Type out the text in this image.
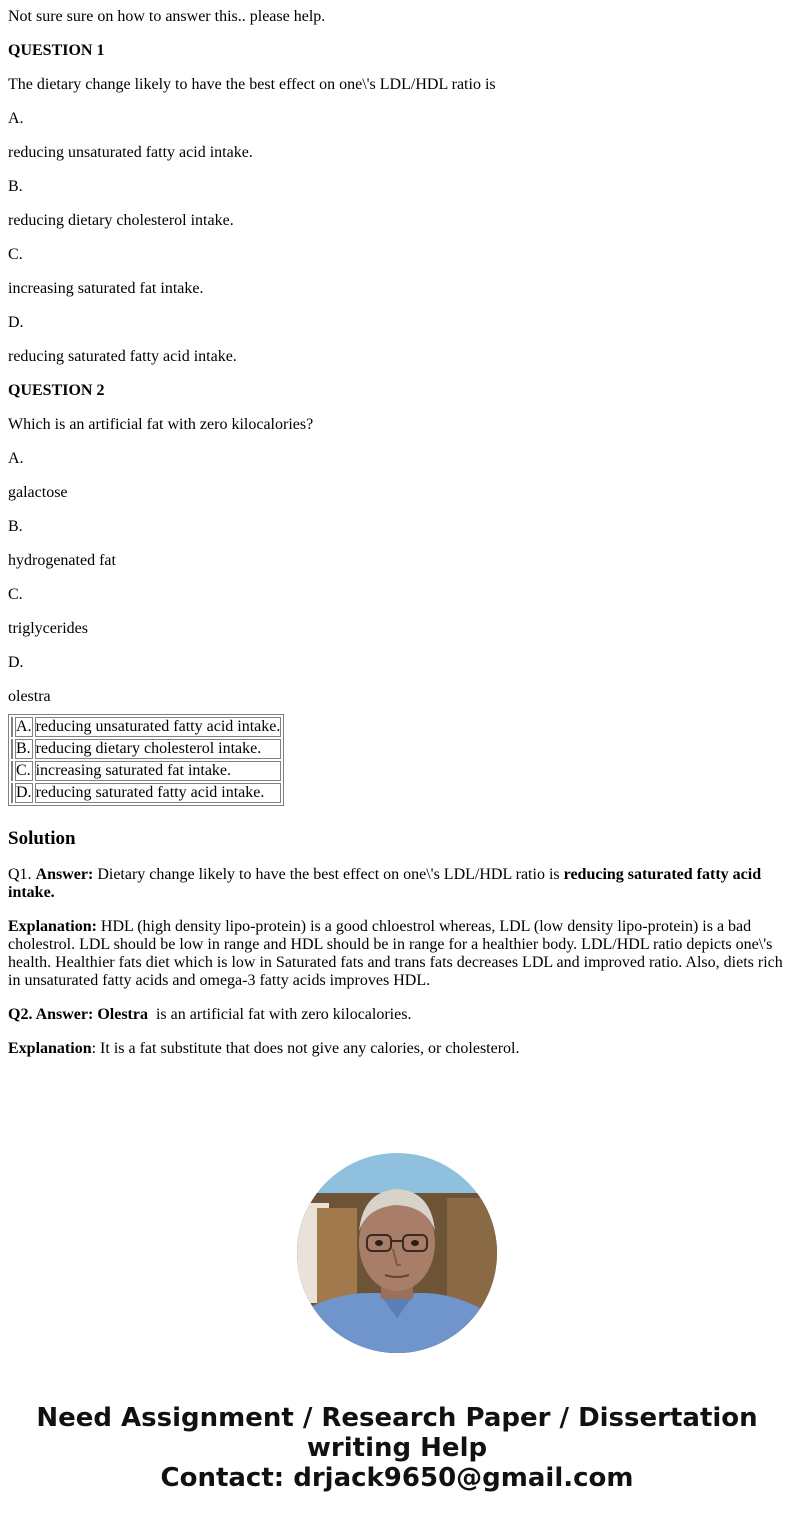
Not sure sure on how to answer this.. please help.

QUESTION 1

The dietary change likely to have the best effect on one\'s LDL/HDL ratio is

A.

reducing unsaturated fatty acid intake.

B.

reducing dietary cholesterol intake.

C.

increasing saturated fat intake.

D.

reducing saturated fatty acid intake.

QUESTION 2

Which is an artificial fat with zero kilocalories?

A.

galactose

B.

hydrogenated fat

C.

triglycerides

D.

olestra

	A.	reducing unsaturated fatty acid intake.
	B.	reducing dietary cholesterol intake.
	C.	increasing saturated fat intake.
	D.	reducing saturated fatty acid intake.
Solution

Q1. Answer: Dietary change likely to have the best effect on one\'s LDL/HDL ratio is reducing saturated fatty acid intake.

Explanation: HDL (high density lipo-protein) is a good chloestrol whereas, LDL (low density lipo-protein) is a bad cholestrol. LDL should be low in range and HDL should be in range for a healthier body. LDL/HDL ratio depicts one\'s health. Healthier fats diet which is low in Saturated fats and trans fats decreases LDL and improved ratio. Also, diets rich in unsaturated fatty acids and omega-3 fatty acids improves HDL.

Q2. Answer: Olestra  is an artificial fat with zero kilocalories.

Explanation: It is a fat substitute that does not give any calories, or cholesterol.

Need Assignment / Research Paper / Dissertation
writing Help
Contact: drjack9650@gmail.com
